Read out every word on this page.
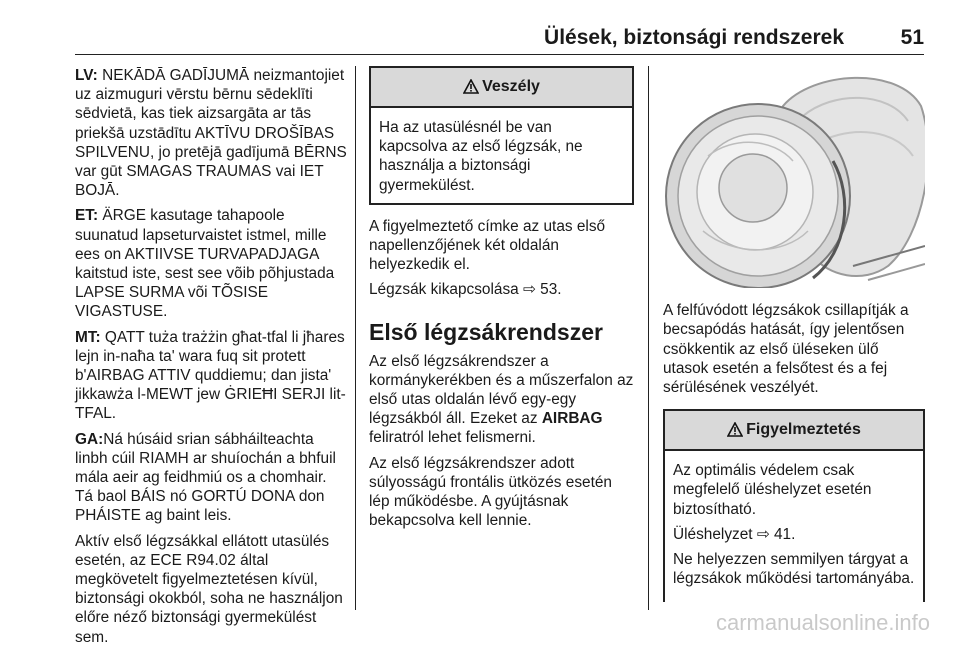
Ülések, biztonsági rendszerek	51

LV: NEKĀDĀ GADĪJUMĀ neizmantojiet uz aizmuguri vērstu bērnu sēdeklīti sēdvietā, kas tiek aizsargāta ar tās priekšā uzstādītu AKTĪVU DROŠĪBAS SPILVENU, jo pretējā gadījumā BĒRNS var gūt SMAGAS TRAUMAS vai IET BOJĀ.

ET: ÄRGE kasutage tahapoole suunatud lapseturvaistet istmel, mille ees on AKTIIVSE TURVAPADJAGA kaitstud iste, sest see võib põhjustada LAPSE SURMA või TÕSISE VIGASTUSE.

MT: QATT tuża trażżin għat-tfal li jħares lejn in-naħa ta' wara fuq sit protett b'AIRBAG ATTIV quddiemu; dan jista' jikkawża l-MEWT jew ĠRIEĦI SERJI lit-TFAL.

GA:Ná húsáid srian sábháilteachta linbh cúil RIAMH ar shuíochán a bhfuil mála aeir ag feidhmiú os a chomhair. Tá baol BÁIS nó GORTÚ DONA don PHÁISTE ag baint leis.

Aktív első légzsákkal ellátott utasülés esetén, az ECE R94.02 által megkövetelt figyelmeztetésen kívül, biztonsági okokból, soha ne használjon előre néző biztonsági gyermekülést sem.

Veszély
Ha az utasülésnél be van kapcsolva az első légzsák, ne használja a biztonsági gyermekülést.

A figyelmeztető címke az utas első napellenzőjének két oldalán helyezkedik el.

Légzsák kikapcsolása ⇨ 53.

Első légzsákrendszer

Az első légzsákrendszer a kormánykerékben és a műszerfalon az első utas oldalán lévő egy-egy légzsákból áll. Ezeket az AIRBAG feliratról lehet felismerni.

Az első légzsákrendszer adott súlyosságú frontális ütközés esetén lép működésbe. A gyújtásnak bekapcsolva kell lennie.

A felfúvódott légzsákok csillapítják a becsapódás hatását, így jelentősen csökkentik az első üléseken ülő utasok esetén a felsőtest és a fej sérülésének veszélyét.

Figyelmeztetés

Az optimális védelem csak megfelelő üléshelyzet esetén biztosítható.

Üléshelyzet ⇨ 41.

Ne helyezzen semmilyen tárgyat a légzsákok működési tartományába.

carmanualsonline.info
